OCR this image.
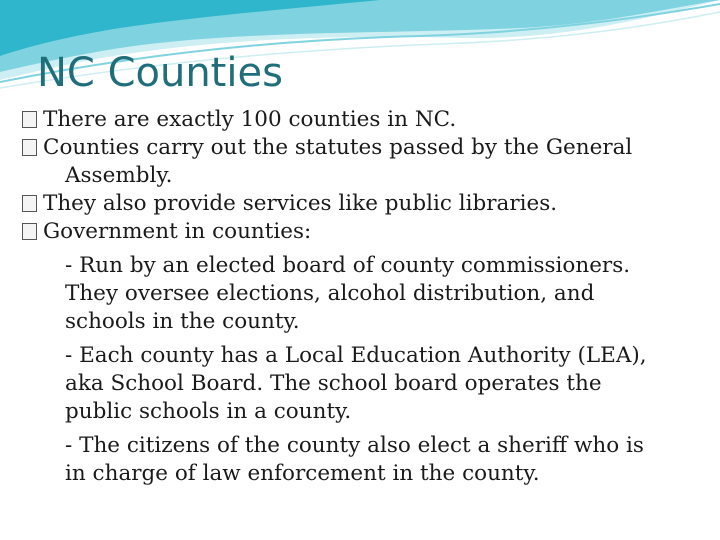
NC Counties
There are exactly 100 counties in NC.
Counties carry out the statutes passed by the General
Assembly.
They also provide services like public libraries.
Government in counties:
- Run by an elected board of county commissioners.
They oversee elections, alcohol distribution, and
schools in the county.
- Each county has a Local Education Authority (LEA),
aka School Board. The school board operates the
public schools in a county.
- The citizens of the county also elect a sheriff who is
in charge of law enforcement in the county.
